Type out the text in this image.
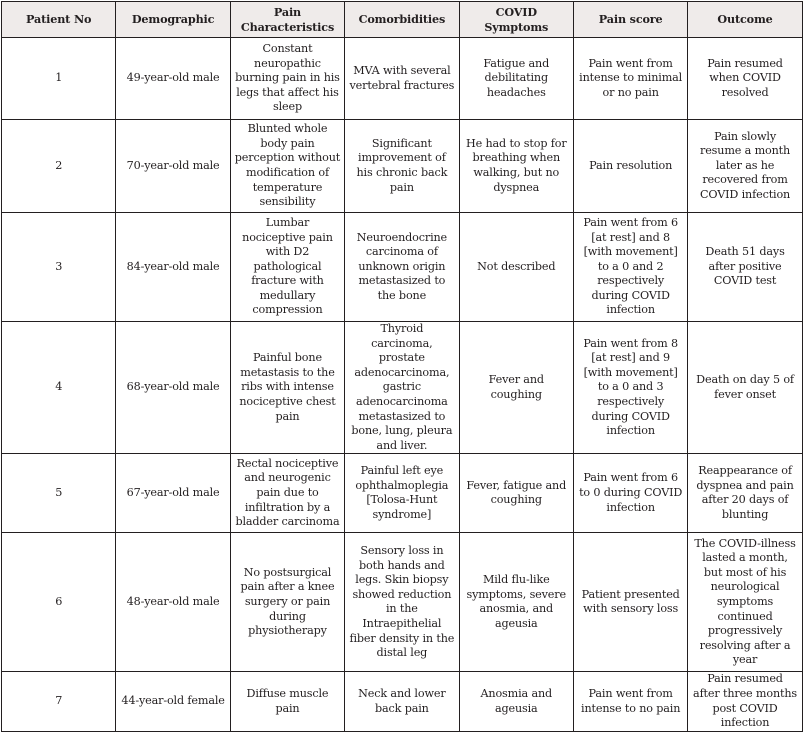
Patient No	Demographic	Pain Characteristics	Comorbidities	COVID Symptoms	Pain score	Outcome
1	49-year-old male	Constant neuropathic burning pain in his legs that affect his sleep	MVA with several vertebral fractures	Fatigue and debilitating headaches	Pain went from intense to minimal or no pain	Pain resumed when COVID resolved
2	70-year-old male	Blunted whole body pain perception without modification of temperature sensibility	Significant improvement of his chronic back pain	He had to stop for breathing when walking, but no dyspnea	Pain resolution	Pain slowly resume a month later as he recovered from COVID infection
3	84-year-old male	Lumbar nociceptive pain with D2 pathological fracture with medullary compression	Neuroendocrine carcinoma of unknown origin metastasized to the bone	Not described	Pain went from 6 [at rest] and 8 [with movement] to a 0 and 2 respectively during COVID infection	Death 51 days after positive COVID test
4	68-year-old male	Painful bone metastasis to the ribs with intense nociceptive chest pain	Thyroid carcinoma, prostate adenocarcinoma, gastric adenocarcinoma metastasized to bone, lung, pleura and liver.	Fever and coughing	Pain went from 8 [at rest] and 9 [with movement] to a 0 and 3 respectively during COVID infection	Death on day 5 of fever onset
5	67-year-old male	Rectal nociceptive and neurogenic pain due to infiltration by a bladder carcinoma	Painful left eye ophthalmoplegia [Tolosa-Hunt syndrome]	Fever, fatigue and coughing	Pain went from 6 to 0 during COVID infection	Reappearance of dyspnea and pain after 20 days of blunting
6	48-year-old male	No postsurgical pain after a knee surgery or pain during physiotherapy	Sensory loss in both hands and legs. Skin biopsy showed reduction in the Intraepithelial fiber density in the distal leg	Mild flu-like symptoms, severe anosmia, and ageusia	Patient presented with sensory loss	The COVID-illness lasted a month, but most of his neurological symptoms continued progressively resolving after a year
7	44-year-old female	Diffuse muscle pain	Neck and lower back pain	Anosmia and ageusia	Pain went from intense to no pain	Pain resumed after three months post COVID infection
